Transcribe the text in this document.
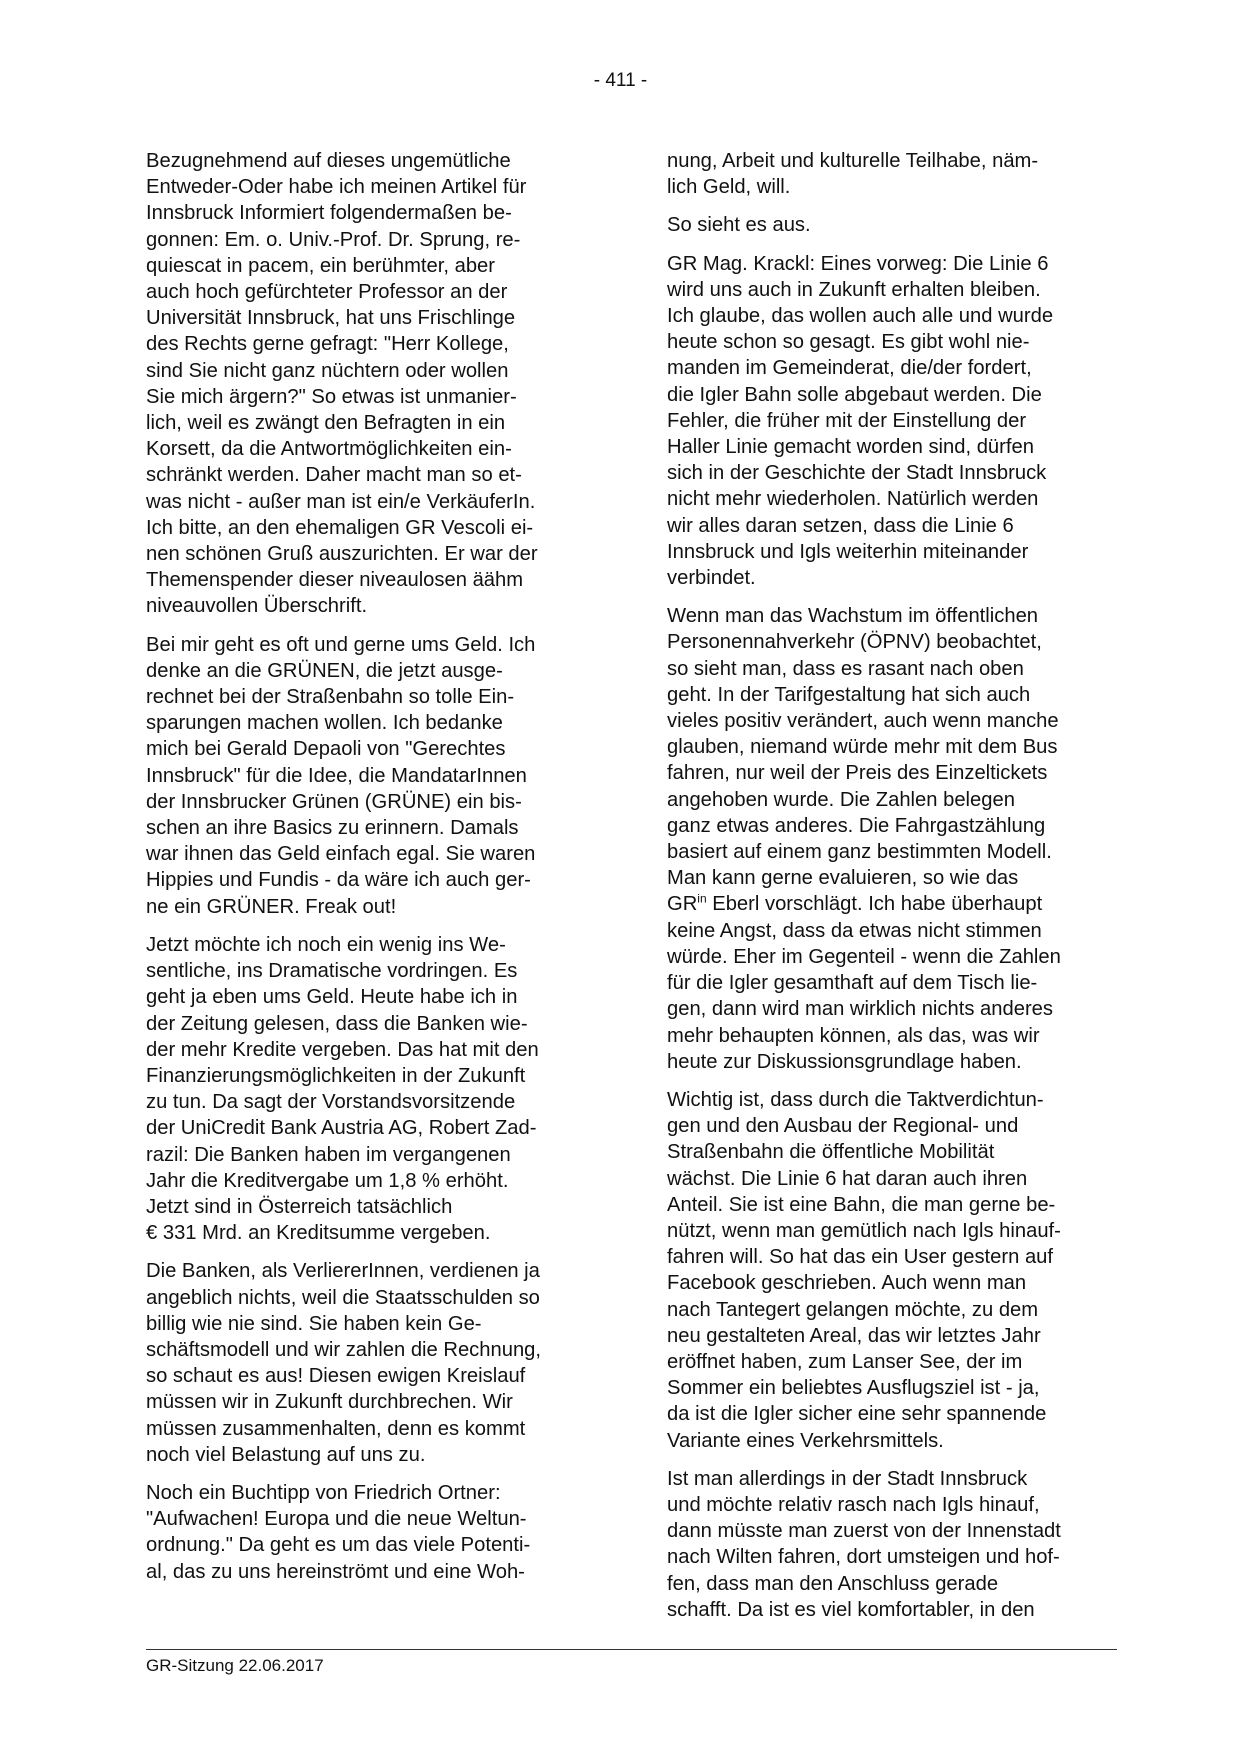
- 411 -
Bezugnehmend auf dieses ungemütliche
Entweder-Oder habe ich meinen Artikel für
Innsbruck Informiert folgendermaßen be-
gonnen: Em. o. Univ.-Prof. Dr. Sprung, re-
quiescat in pacem, ein berühmter, aber
auch hoch gefürchteter Professor an der
Universität Innsbruck, hat uns Frischlinge
des Rechts gerne gefragt: "Herr Kollege,
sind Sie nicht ganz nüchtern oder wollen
Sie mich ärgern?" So etwas ist unmanier-
lich, weil es zwängt den Befragten in ein
Korsett, da die Antwortmöglichkeiten ein-
schränkt werden. Daher macht man so et-
was nicht - außer man ist ein/e VerkäuferIn.
Ich bitte, an den ehemaligen GR Vescoli ei-
nen schönen Gruß auszurichten. Er war der
Themenspender dieser niveaulosen äähm
niveauvollen Überschrift.
Bei mir geht es oft und gerne ums Geld. Ich
denke an die GRÜNEN, die jetzt ausge-
rechnet bei der Straßenbahn so tolle Ein-
sparungen machen wollen. Ich bedanke
mich bei Gerald Depaoli von "Gerechtes
Innsbruck" für die Idee, die MandatarInnen
der Innsbrucker Grünen (GRÜNE) ein bis-
schen an ihre Basics zu erinnern. Damals
war ihnen das Geld einfach egal. Sie waren
Hippies und Fundis - da wäre ich auch ger-
ne ein GRÜNER. Freak out!
Jetzt möchte ich noch ein wenig ins We-
sentliche, ins Dramatische vordringen. Es
geht ja eben ums Geld. Heute habe ich in
der Zeitung gelesen, dass die Banken wie-
der mehr Kredite vergeben. Das hat mit den
Finanzierungsmöglichkeiten in der Zukunft
zu tun. Da sagt der Vorstandsvorsitzende
der UniCredit Bank Austria AG, Robert Zad-
razil: Die Banken haben im vergangenen
Jahr die Kreditvergabe um 1,8 % erhöht.
Jetzt sind in Österreich tatsächlich
€ 331 Mrd. an Kreditsumme vergeben.
Die Banken, als VerliererInnen, verdienen ja
angeblich nichts, weil die Staatsschulden so
billig wie nie sind. Sie haben kein Ge-
schäftsmodell und wir zahlen die Rechnung,
so schaut es aus! Diesen ewigen Kreislauf
müssen wir in Zukunft durchbrechen. Wir
müssen zusammenhalten, denn es kommt
noch viel Belastung auf uns zu.
Noch ein Buchtipp von Friedrich Ortner:
"Aufwachen! Europa und die neue Weltun-
ordnung." Da geht es um das viele Potenti-
al, das zu uns hereinströmt und eine Woh-
nung, Arbeit und kulturelle Teilhabe, näm-
lich Geld, will.
So sieht es aus.
GR Mag. Krackl: Eines vorweg: Die Linie 6
wird uns auch in Zukunft erhalten bleiben.
Ich glaube, das wollen auch alle und wurde
heute schon so gesagt. Es gibt wohl nie-
manden im Gemeinderat, die/der fordert,
die Igler Bahn solle abgebaut werden. Die
Fehler, die früher mit der Einstellung der
Haller Linie gemacht worden sind, dürfen
sich in der Geschichte der Stadt Innsbruck
nicht mehr wiederholen. Natürlich werden
wir alles daran setzen, dass die Linie 6
Innsbruck und Igls weiterhin miteinander
verbindet.
Wenn man das Wachstum im öffentlichen
Personennahverkehr (ÖPNV) beobachtet,
so sieht man, dass es rasant nach oben
geht. In der Tarifgestaltung hat sich auch
vieles positiv verändert, auch wenn manche
glauben, niemand würde mehr mit dem Bus
fahren, nur weil der Preis des Einzeltickets
angehoben wurde. Die Zahlen belegen
ganz etwas anderes. Die Fahrgastzählung
basiert auf einem ganz bestimmten Modell.
Man kann gerne evaluieren, so wie das
$GR^{in}$ Eberl vorschlägt. Ich habe überhaupt
keine Angst, dass da etwas nicht stimmen
würde. Eher im Gegenteil - wenn die Zahlen
für die Igler gesamthaft auf dem Tisch lie-
gen, dann wird man wirklich nichts anderes
mehr behaupten können, als das, was wir
heute zur Diskussionsgrundlage haben.
Wichtig ist, dass durch die Taktverdichtun-
gen und den Ausbau der Regional- und
Straßenbahn die öffentliche Mobilität
wächst. Die Linie 6 hat daran auch ihren
Anteil. Sie ist eine Bahn, die man gerne be-
nützt, wenn man gemütlich nach Igls hinauf-
fahren will. So hat das ein User gestern auf
Facebook geschrieben. Auch wenn man
nach Tantegert gelangen möchte, zu dem
neu gestalteten Areal, das wir letztes Jahr
eröffnet haben, zum Lanser See, der im
Sommer ein beliebtes Ausflugsziel ist - ja,
da ist die Igler sicher eine sehr spannende
Variante eines Verkehrsmittels.
Ist man allerdings in der Stadt Innsbruck
und möchte relativ rasch nach Igls hinauf,
dann müsste man zuerst von der Innenstadt
nach Wilten fahren, dort umsteigen und hof-
fen, dass man den Anschluss gerade
schafft. Da ist es viel komfortabler, in den
GR-Sitzung 22.06.2017
